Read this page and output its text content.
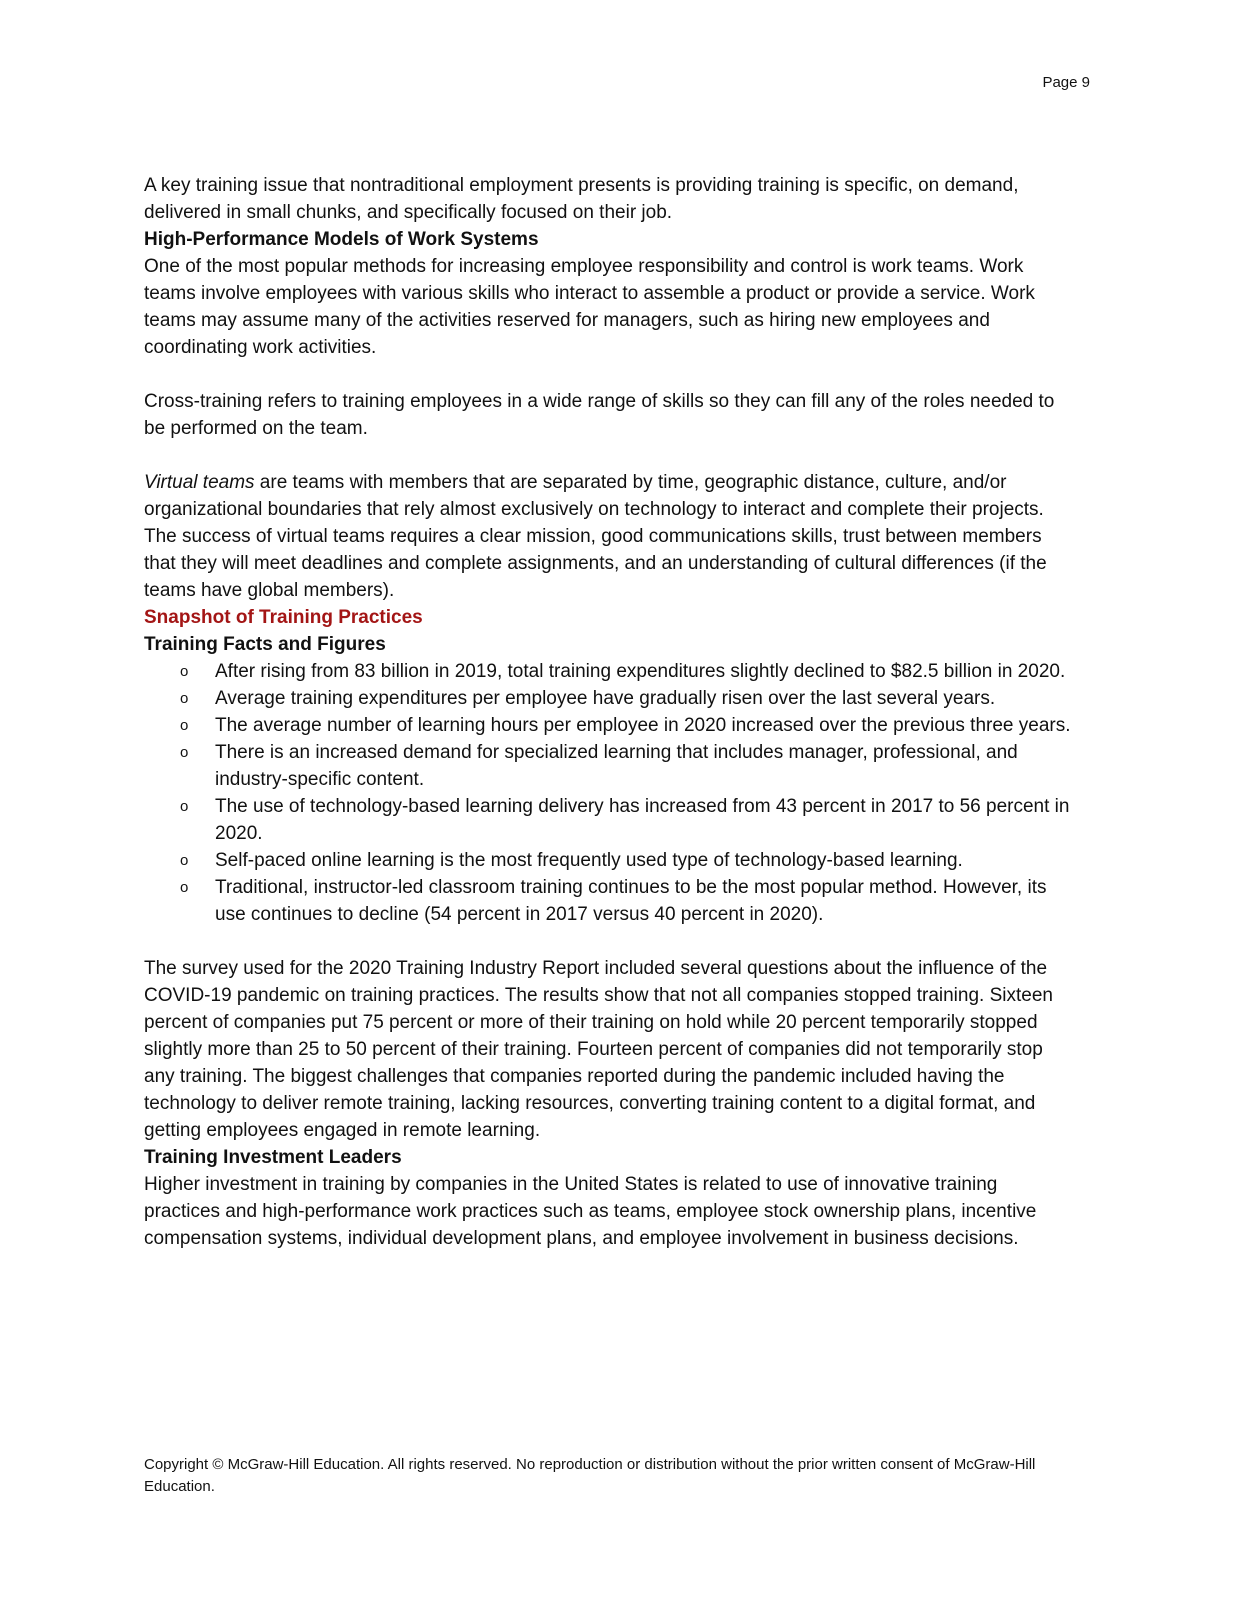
Page 9

A key training issue that nontraditional employment presents is providing training is specific, on demand, delivered in small chunks, and specifically focused on their job.

High-Performance Models of Work Systems

One of the most popular methods for increasing employee responsibility and control is work teams. Work teams involve employees with various skills who interact to assemble a product or provide a service. Work teams may assume many of the activities reserved for managers, such as hiring new employees and coordinating work activities.

Cross-training refers to training employees in a wide range of skills so they can fill any of the roles needed to be performed on the team.

Virtual teams are teams with members that are separated by time, geographic distance, culture, and/or organizational boundaries that rely almost exclusively on technology to interact and complete their projects. The success of virtual teams requires a clear mission, good communications skills, trust between members that they will meet deadlines and complete assignments, and an understanding of cultural differences (if the teams have global members).

Snapshot of Training Practices

Training Facts and Figures

o After rising from 83 billion in 2019, total training expenditures slightly declined to $82.5 billion in 2020.
o Average training expenditures per employee have gradually risen over the last several years.
o The average number of learning hours per employee in 2020 increased over the previous three years.
o There is an increased demand for specialized learning that includes manager, professional, and industry-specific content.
o The use of technology-based learning delivery has increased from 43 percent in 2017 to 56 percent in 2020.
o Self-paced online learning is the most frequently used type of technology-based learning.
o Traditional, instructor-led classroom training continues to be the most popular method. However, its use continues to decline (54 percent in 2017 versus 40 percent in 2020).

The survey used for the 2020 Training Industry Report included several questions about the influence of the COVID-19 pandemic on training practices. The results show that not all companies stopped training. Sixteen percent of companies put 75 percent or more of their training on hold while 20 percent temporarily stopped slightly more than 25 to 50 percent of their training. Fourteen percent of companies did not temporarily stop any training. The biggest challenges that companies reported during the pandemic included having the technology to deliver remote training, lacking resources, converting training content to a digital format, and getting employees engaged in remote learning.

Training Investment Leaders

Higher investment in training by companies in the United States is related to use of innovative training practices and high-performance work practices such as teams, employee stock ownership plans, incentive compensation systems, individual development plans, and employee involvement in business decisions.

Copyright © McGraw-Hill Education. All rights reserved. No reproduction or distribution without the prior written consent of McGraw-Hill Education.
